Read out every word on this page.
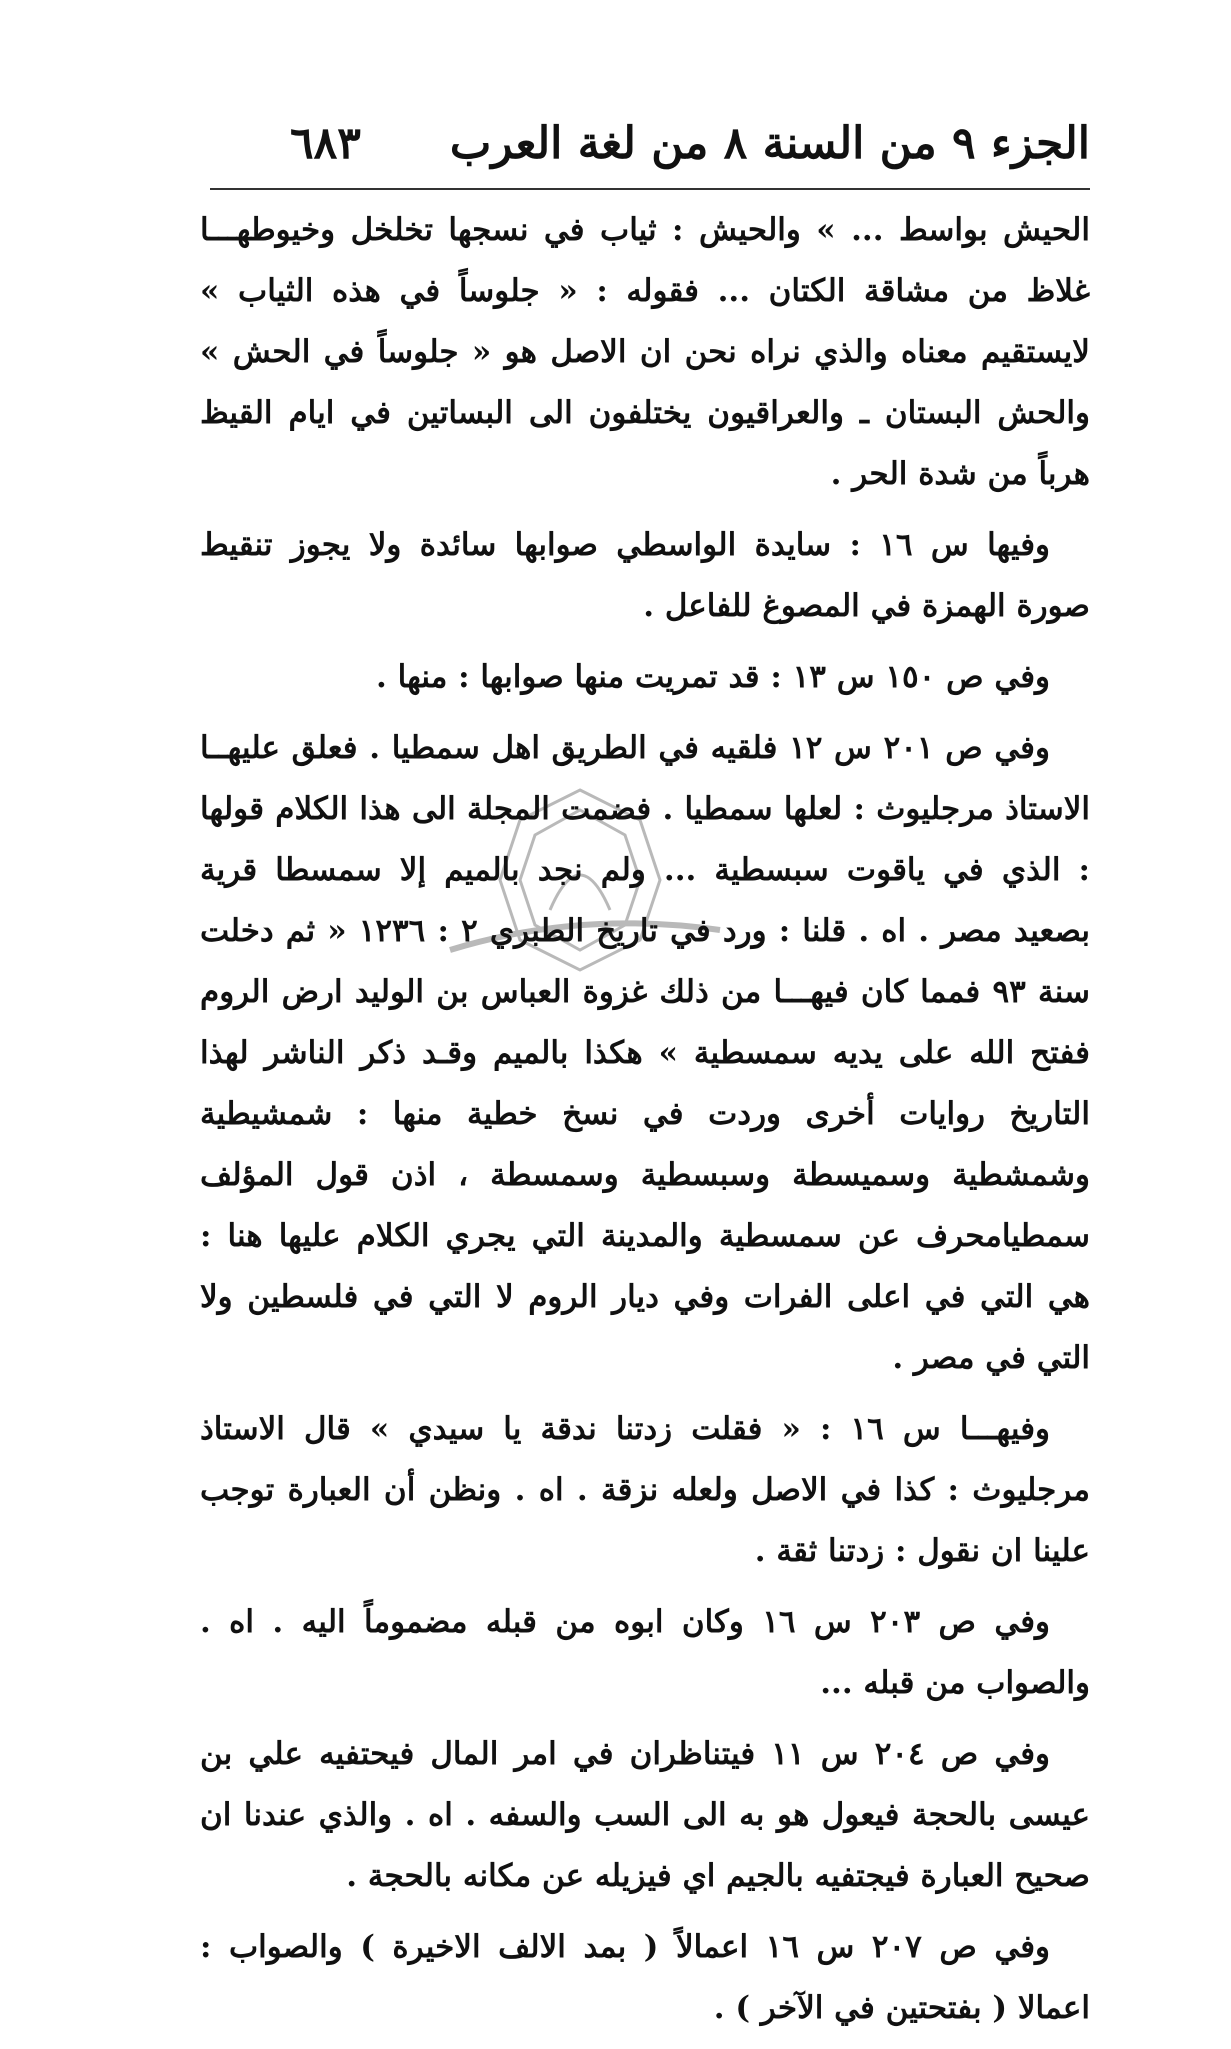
الجزء ٩ من السنة ٨ من لغة العرب
٦٨٣

الحيش بواسط ... » والحيش : ثياب في نسجها تخلخل وخيوطهـــا غلاظ من مشاقة الكتان ... فقوله : « جلوساً في هذه الثياب » لايستقيم معناه والذي نراه نحن ان الاصل هو « جلوساً في الحش » والحش البستان ـ والعراقيون يختلفون الى البساتين في ايام القيظ هرباً من شدة الحر .

وفيها س ١٦ : سايدة الواسطي صوابها سائدة ولا يجوز تنقيط صورة الهمزة في المصوغ للفاعل .

وفي ص ١٥٠ س ١٣ : قد تمريت منها صوابها : منها .

وفي ص ٢٠١ س ١٢ فلقيه في الطريق اهل سمطيا . فعلق عليهــا الاستاذ مرجليوث : لعلها سمطيا . فضمت المجلة الى هذا الكلام قولها : الذي في ياقوت سبسطية ... ولم نجد بالميم إلا سمسطا قرية بصعيد مصر . اه . قلنا : ورد في تاريخ الطبري ٢ : ١٢٣٦ « ثم دخلت سنة ٩٣ فمما كان فيهـــا من ذلك غزوة العباس بن الوليد ارض الروم ففتح الله على يديه سمسطية » هكذا بالميم وقـد ذكر الناشر لهذا التاريخ روايات أخرى وردت في نسخ خطية منها : شمشيطية وشمشطية وسميسطة وسبسطية وسمسطة ، اذن قول المؤلف سمطيامحرف عن سمسطية والمدينة التي يجري الكلام عليها هنا : هي التي في اعلى الفرات وفي ديار الروم لا التي في فلسطين ولا التي في مصر .

وفيهـــا س ١٦ : « فقلت زدتنا ندقة يا سيدي » قال الاستاذ مرجليوث : كذا في الاصل ولعله نزقة . اه . ونظن أن العبارة توجب علينا ان نقول : زدتنا ثقة .

وفي ص ٢٠٣ س ١٦ وكان ابوه من قبله مضموماً اليه . اه . والصواب من قبله ...

وفي ص ٢٠٤ س ١١ فيتناظران في امر المال فيحتفيه علي بن عيسى بالحجة فيعول هو به الى السب والسفه . اه . والذي عندنا ان صحيح العبارة فيجتفيه بالجيم اي فيزيله عن مكانه بالحجة .

وفي ص ٢٠٧ س ١٦ اعمالاً ( بمد الالف الاخيرة ) والصواب : اعمالا ( بفتحتين في الآخر ) .
